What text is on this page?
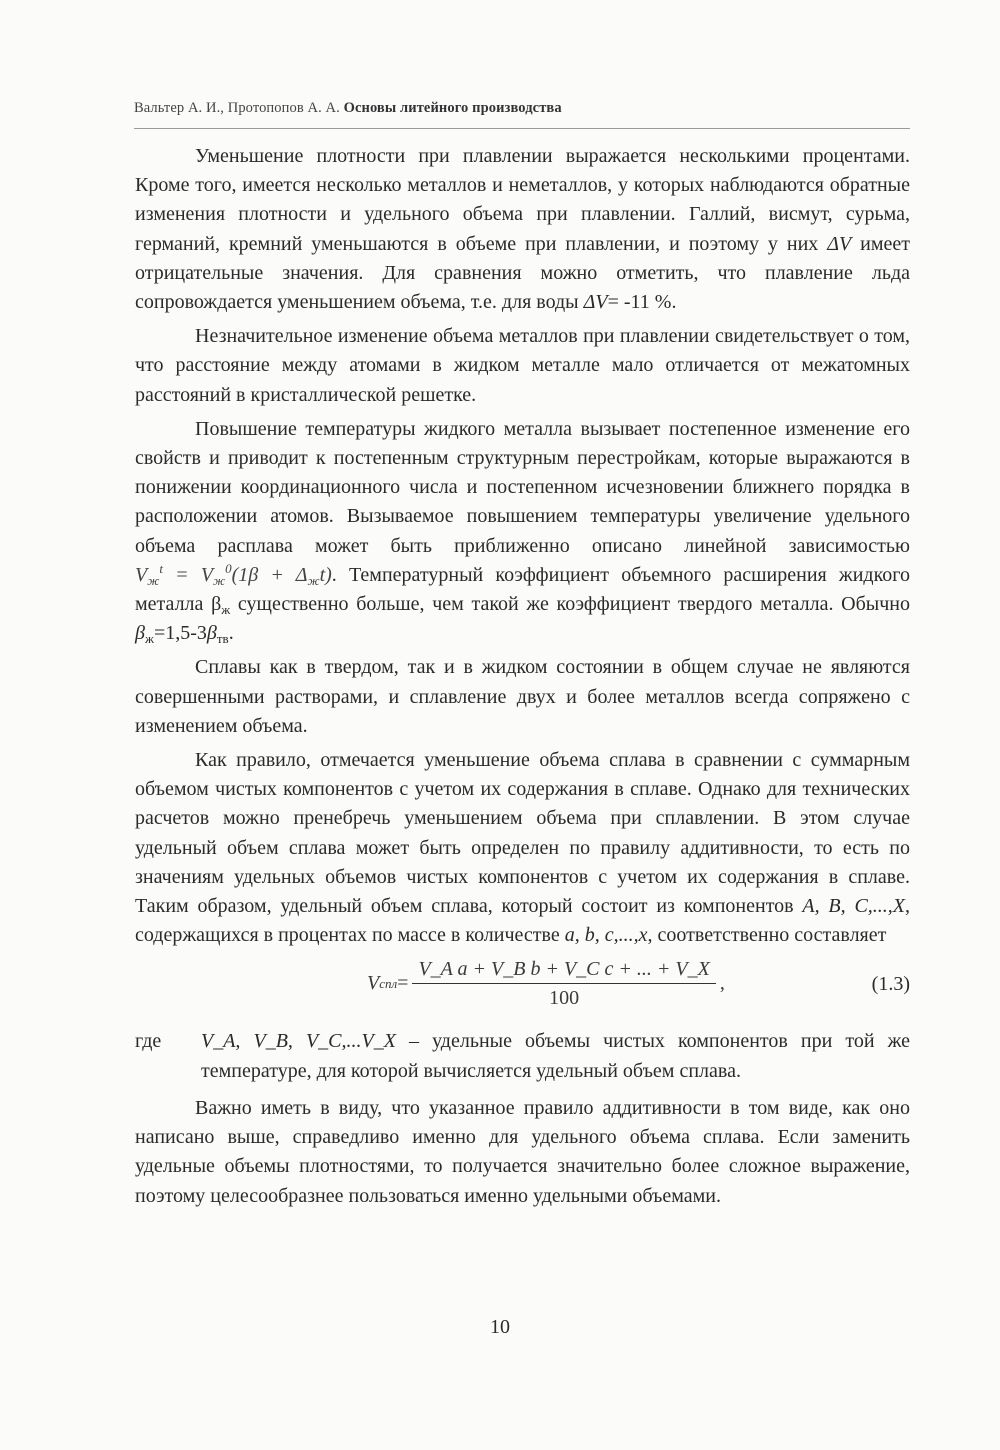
Вальтер А. И., Протопопов А. А. Основы литейного производства

Уменьшение плотности при плавлении выражается несколькими процентами. Кроме того, имеется несколько металлов и неметаллов, у которых наблюдаются обратные изменения плотности и удельного объема при плавлении. Галлий, висмут, сурьма, германий, кремний уменьшаются в объеме при плавлении, и поэтому у них ΔV имеет отрицательные значения. Для сравнения можно отметить, что плавление льда сопровождается уменьшением объема, т.е. для воды ΔV= -11 %.

Незначительное изменение объема металлов при плавлении свидетельствует о том, что расстояние между атомами в жидком металле мало отличается от межатомных расстояний в кристаллической решетке.

Повышение температуры жидкого металла вызывает постепенное изменение его свойств и приводит к постепенным структурным перестройкам, которые выражаются в понижении координационного числа и постепенном исчезновении ближнего порядка в расположении атомов. Вызываемое повышением температуры увеличение удельного объема расплава может быть приближенно описано линейной зависимостью $V_ж^t = V_ж^0(1\beta + \Delta_жt)$. Температурный коэффициент объемного расширения жидкого металла $\beta_ж$ существенно больше, чем такой же коэффициент твердого металла. Обычно $\beta_ж=1,5-3\beta_{тв}$.

Сплавы как в твердом, так и в жидком состоянии в общем случае не являются совершенными растворами, и сплавление двух и более металлов всегда сопряжено с изменением объема.

Как правило, отмечается уменьшение объема сплава в сравнении с суммарным объемом чистых компонентов с учетом их содержания в сплаве. Однако для технических расчетов можно пренебречь уменьшением объема при сплавлении. В этом случае удельный объем сплава может быть определен по правилу аддитивности, то есть по значениям удельных объемов чистых компонентов с учетом их содержания в сплаве. Таким образом, удельный объем сплава, который состоит из компонентов A, B, C,...,X, содержащихся в процентах по массе в количестве a, b, c,...,x, соответственно составляет

V спл = $\frac{\text{V\_A a + V\_B b + V\_C c + ... + V\_X}}{100}$ ,	(1.3)
где	V_A, V_B, V_C,...V_X – удельные объемы чистых компонентов при той же температуре, для которой вычисляется удельный объем сплава.

Важно иметь в виду, что указанное правило аддитивности в том виде, как оно написано выше, справедливо именно для удельного объема сплава. Если заменить удельные объемы плотностями, то получается значительно более сложное выражение, поэтому целесообразнее пользоваться именно удельными объемами.

10
